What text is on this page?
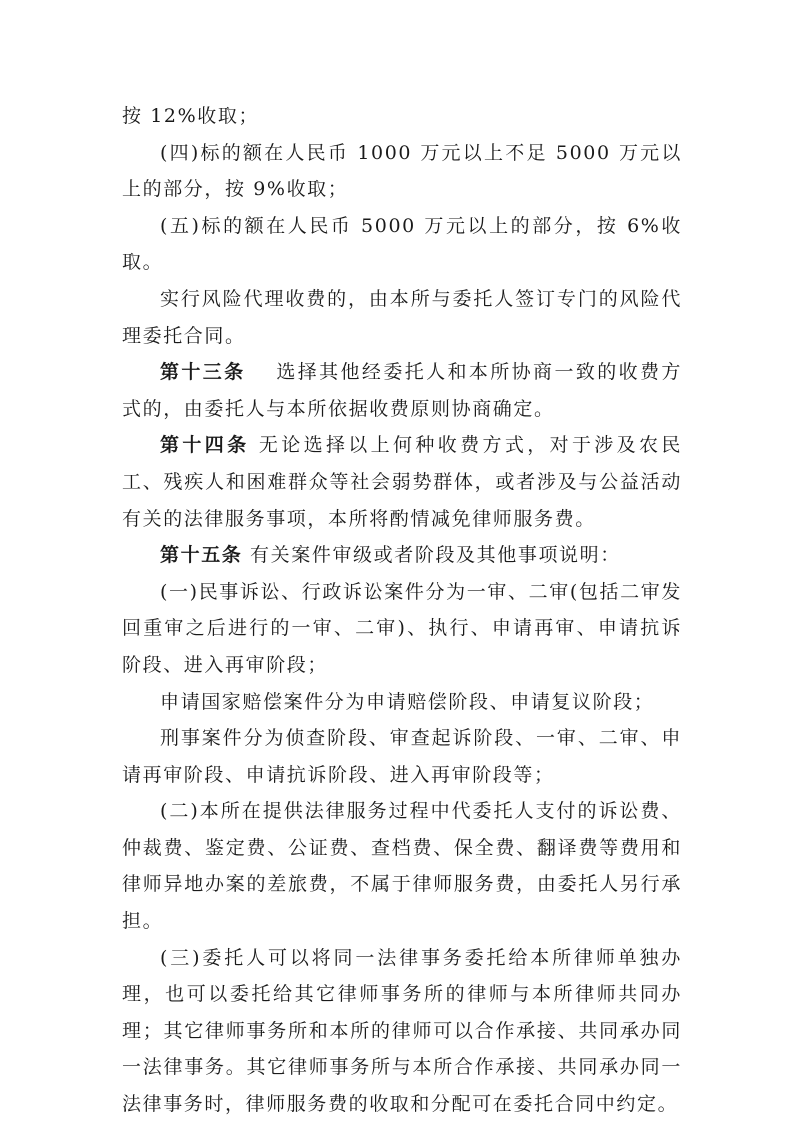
按 12%收取；

(四)标的额在人民币 1000 万元以上不足 5000 万元以上的部分，按 9%收取；

(五)标的额在人民币 5000 万元以上的部分，按 6%收取。

实行风险代理收费的，由本所与委托人签订专门的风险代理委托合同。

第十三条 选择其他经委托人和本所协商一致的收费方式的，由委托人与本所依据收费原则协商确定。

第十四条 无论选择以上何种收费方式，对于涉及农民工、残疾人和困难群众等社会弱势群体，或者涉及与公益活动有关的法律服务事项，本所将酌情减免律师服务费。

第十五条 有关案件审级或者阶段及其他事项说明：

(一)民事诉讼、行政诉讼案件分为一审、二审(包括二审发回重审之后进行的一审、二审)、执行、申请再审、申请抗诉阶段、进入再审阶段；

申请国家赔偿案件分为申请赔偿阶段、申请复议阶段；

刑事案件分为侦查阶段、审查起诉阶段、一审、二审、申请再审阶段、申请抗诉阶段、进入再审阶段等；

(二)本所在提供法律服务过程中代委托人支付的诉讼费、仲裁费、鉴定费、公证费、查档费、保全费、翻译费等费用和律师异地办案的差旅费，不属于律师服务费，由委托人另行承担。

(三)委托人可以将同一法律事务委托给本所律师单独办理，也可以委托给其它律师事务所的律师与本所律师共同办理；其它律师事务所和本所的律师可以合作承接、共同承办同一法律事务。其它律师事务所与本所合作承接、共同承办同一法律事务时，律师服务费的收取和分配可在委托合同中约定。
